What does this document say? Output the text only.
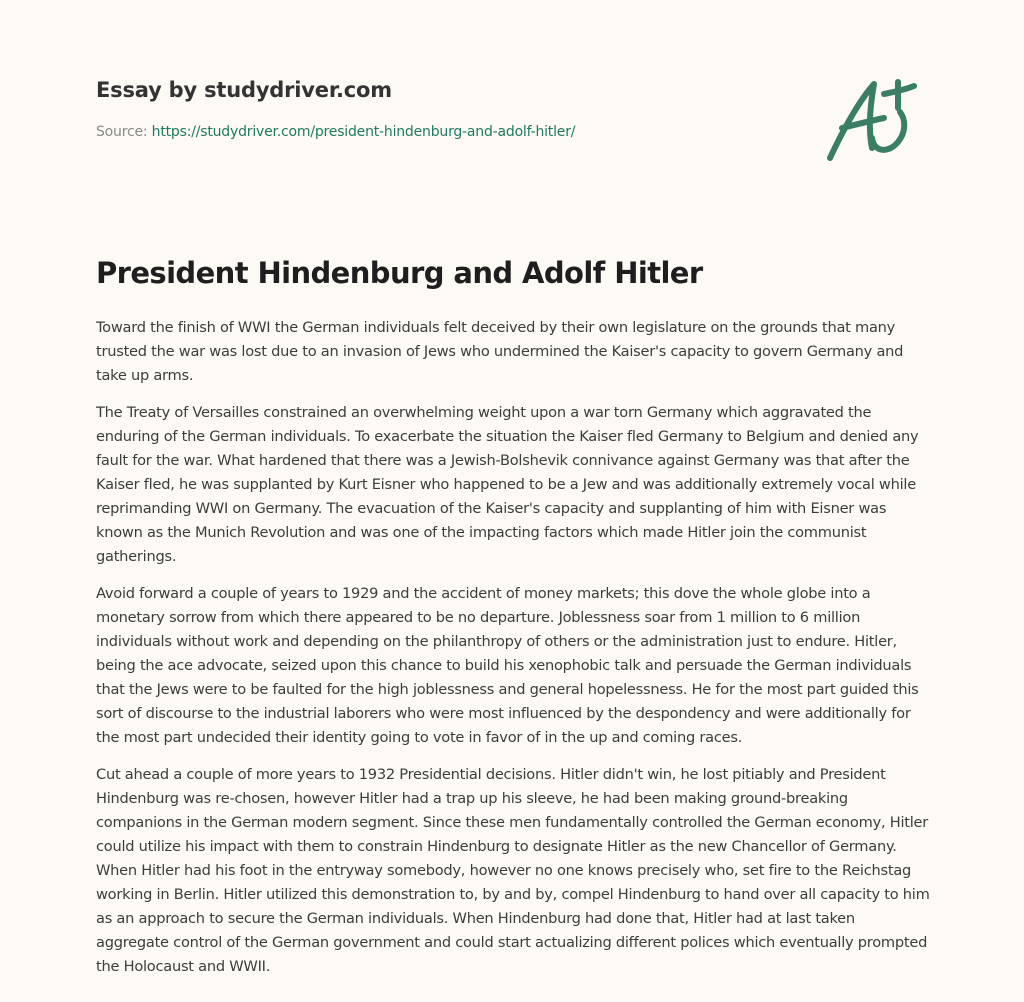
Essay by studydriver.com
Source: https://studydriver.com/president-hindenburg-and-adolf-hitler/
President Hindenburg and Adolf Hitler

Toward the finish of WWI the German individuals felt deceived by their own legislature on the grounds that many trusted the war was lost due to an invasion of Jews who undermined the Kaiser's capacity to govern Germany and take up arms.

The Treaty of Versailles constrained an overwhelming weight upon a war torn Germany which aggravated the enduring of the German individuals. To exacerbate the situation the Kaiser fled Germany to Belgium and denied any fault for the war. What hardened that there was a Jewish-Bolshevik connivance against Germany was that after the Kaiser fled, he was supplanted by Kurt Eisner who happened to be a Jew and was additionally extremely vocal while reprimanding WWI on Germany. The evacuation of the Kaiser's capacity and supplanting of him with Eisner was known as the Munich Revolution and was one of the impacting factors which made Hitler join the communist gatherings.

Avoid forward a couple of years to 1929 and the accident of money markets; this dove the whole globe into a monetary sorrow from which there appeared to be no departure. Joblessness soar from 1 million to 6 million individuals without work and depending on the philanthropy of others or the administration just to endure. Hitler, being the ace advocate, seized upon this chance to build his xenophobic talk and persuade the German individuals that the Jews were to be faulted for the high joblessness and general hopelessness. He for the most part guided this sort of discourse to the industrial laborers who were most influenced by the despondency and were additionally for the most part undecided their identity going to vote in favor of in the up and coming races.

Cut ahead a couple of more years to 1932 Presidential decisions. Hitler didn't win, he lost pitiably and President Hindenburg was re-chosen, however Hitler had a trap up his sleeve, he had been making ground-breaking companions in the German modern segment. Since these men fundamentally controlled the German economy, Hitler could utilize his impact with them to constrain Hindenburg to designate Hitler as the new Chancellor of Germany. When Hitler had his foot in the entryway somebody, however no one knows precisely who, set fire to the Reichstag working in Berlin. Hitler utilized this demonstration to, by and by, compel Hindenburg to hand over all capacity to him as an approach to secure the German individuals. When Hindenburg had done that, Hitler had at last taken aggregate control of the German government and could start actualizing different polices which eventually prompted the Holocaust and WWII.
